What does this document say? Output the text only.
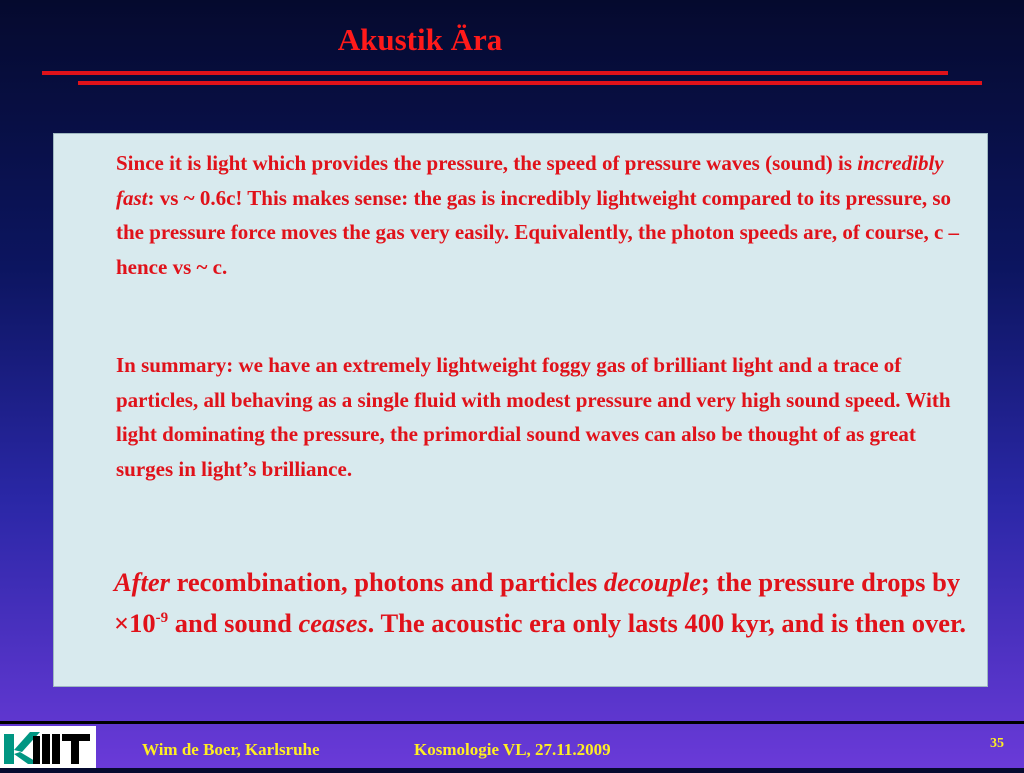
Akustik Ära

Since it is light which provides the pressure, the speed of pressure waves (sound) is incredibly fast: vs ~ 0.6c! This makes sense: the gas is incredibly lightweight compared to its pressure, so the pressure force moves the gas very easily. Equivalently, the photon speeds are, of course, c – hence vs ~ c.

In summary: we have an extremely lightweight foggy gas of brilliant light and a trace of particles, all behaving as a single fluid with modest pressure and very high sound speed. With light dominating the pressure, the primordial sound waves can also be thought of as great surges in light’s brilliance.

After recombination, photons and particles decouple; the pressure drops by $\times 10^{-9}$ and sound ceases. The acoustic era only lasts 400 kyr, and is then over.

Wim de Boer, Karlsruhe	Kosmologie VL, 27.11.2009	35
